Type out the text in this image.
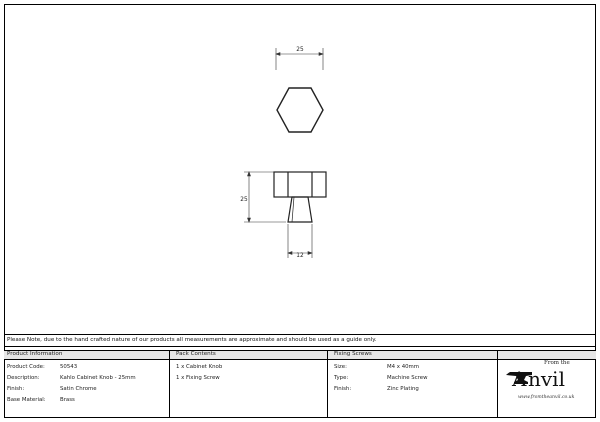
25
25
12
Please Note, due to the hand crafted nature of our products all measurements are approximate and should be used as a guide only.
Product Information	Pack Contents	Fixing Screws
Product Code:	50543
Description:	Kahlo Cabinet Knob - 25mm
Finish:	Satin Chrome
Base Material:	Brass
1 x Cabinet Knob
1 x Fixing Screw
Size:	M4 x 40mm
Type:	Machine Screw
Finish:	Zinc Plating
From the
nvil
A
www.fromtheanvil.co.uk
